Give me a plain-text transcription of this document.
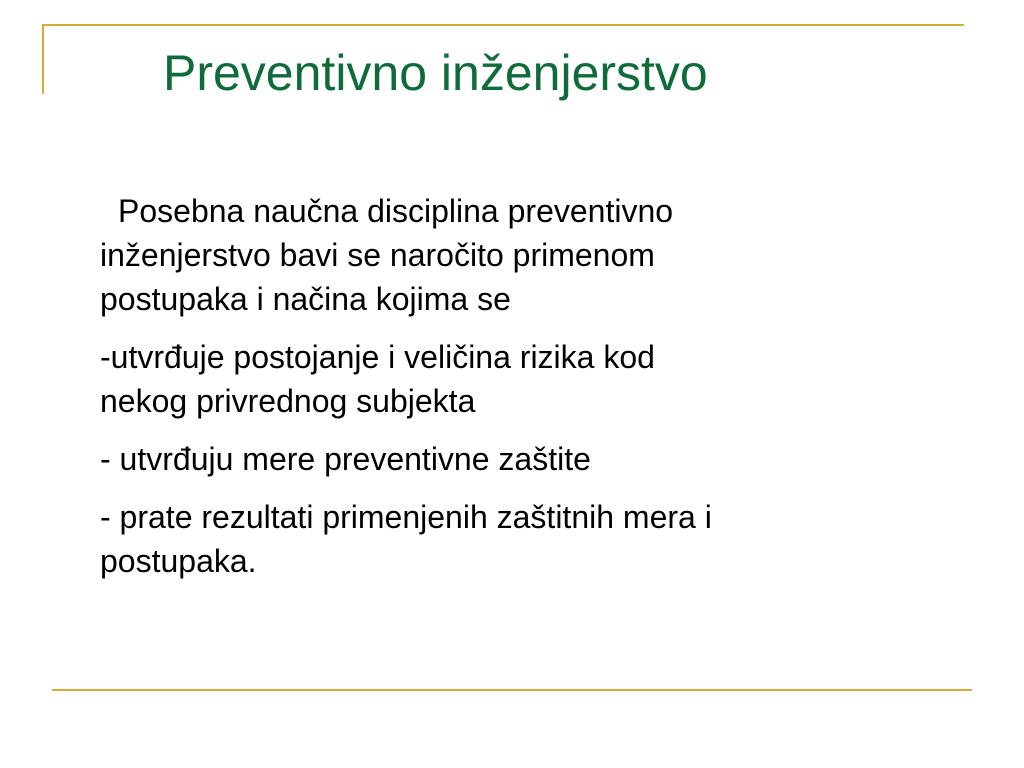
Preventivno inženjerstvo

Posebna naučna disciplina preventivno
inženjerstvo bavi se naročito primenom
postupaka i načina kojima se

-utvrđuje postojanje i veličina rizika kod
nekog privrednog subjekta

- utvrđuju mere preventivne zaštite

- prate rezultati primenjenih zaštitnih mera i
postupaka.
